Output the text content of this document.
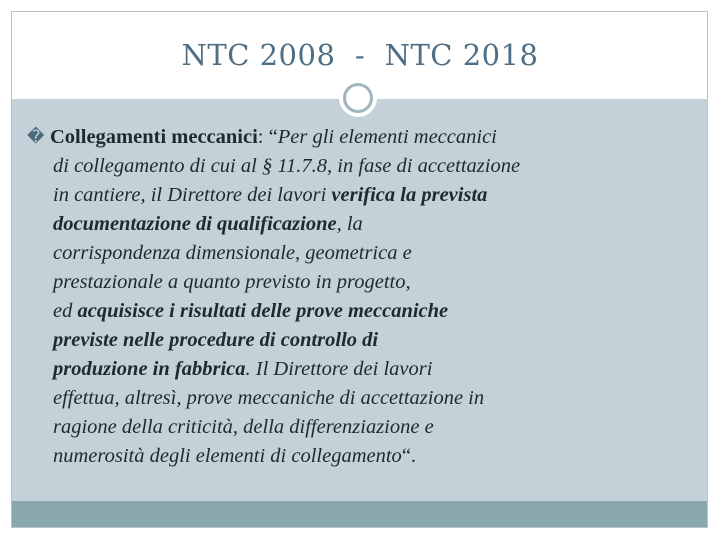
NTC 2008  -  NTC 2018
� Collegamenti meccanici: “Per gli elementi meccanici
di collegamento di cui al § 11.7.8, in fase di accettazione
in cantiere, il Direttore dei lavori verifica la prevista
documentazione di qualificazione, la
corrispondenza dimensionale, geometrica e
prestazionale a quanto previsto in progetto,
ed acquisisce i risultati delle prove meccaniche
previste nelle procedure di controllo di
produzione in fabbrica. Il Direttore dei lavori
effettua, altresì, prove meccaniche di accettazione in
ragione della criticità, della differenziazione e
numerosità degli elementi di collegamento“.
